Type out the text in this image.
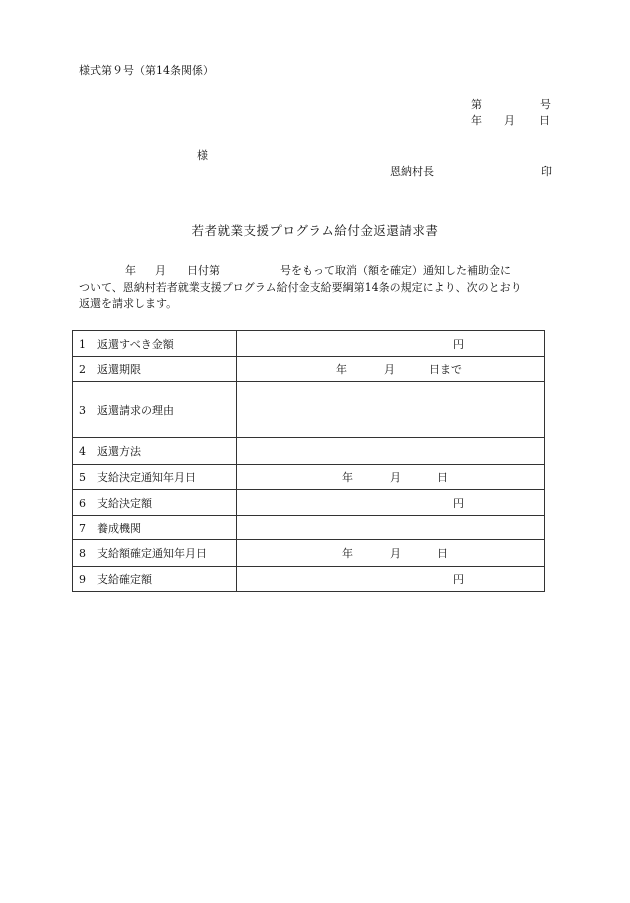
様式第９号（第14条関係）
第	号
年 月 日
様
恩納村長	印
若者就業支援プログラム給付金返還請求書
年 月 日付第	号をもって取消（額を確定）通知した補助金に
ついて、恩納村若者就業支援プログラム給付金支給要綱第14条の規定により、次のとおり
返還を請求します。
1 返還すべき金額	円

2 返還期限	年 月 日まで

3 返還請求の理由	
4 返還方法	
5 支給決定通知年月日	年 月 日

6 支給決定額	円

7 養成機関	
8 支給額確定通知年月日	年 月 日

9 支給確定額	円
